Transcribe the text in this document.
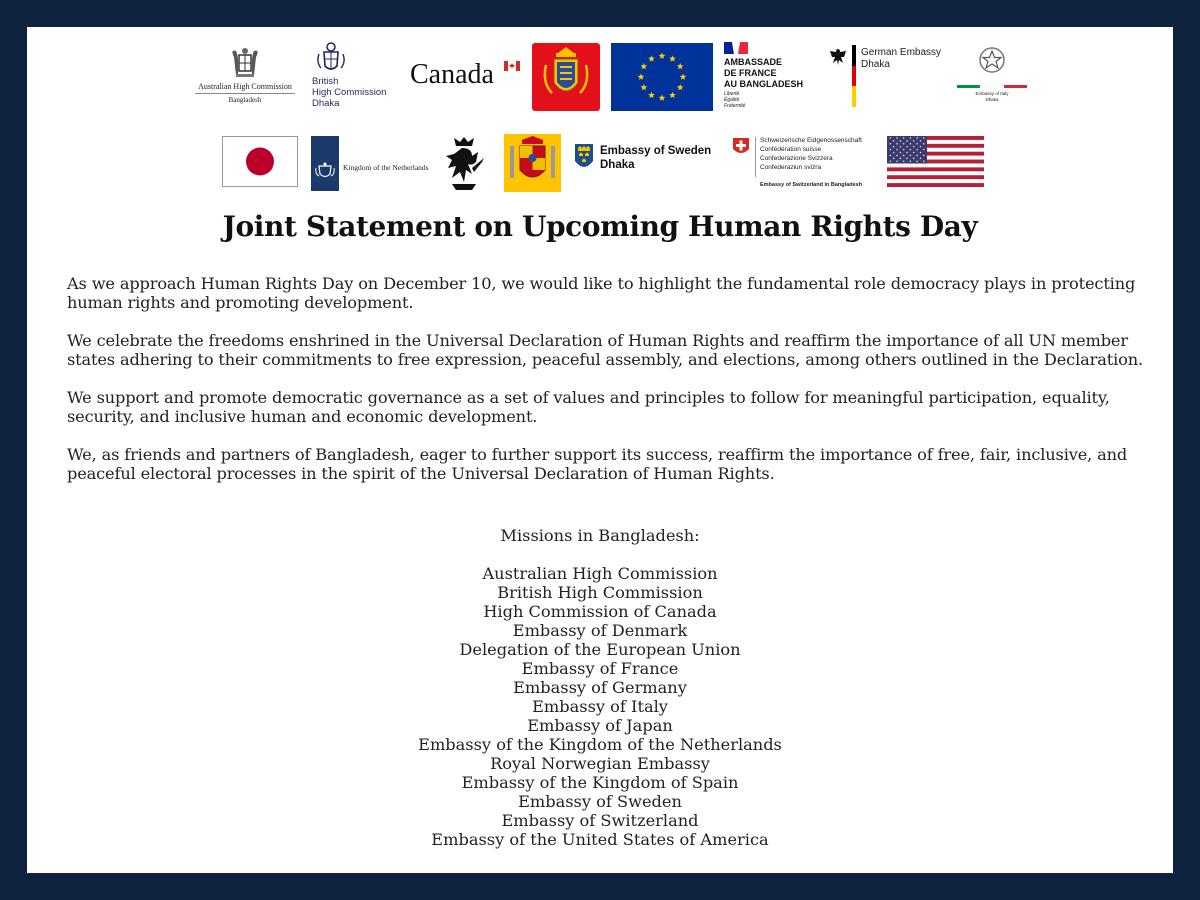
Australian High Commission
Bangladesh
British
High Commission
Dhaka
Canada	AMBASSADE
DE FRANCE
AU BANGLADESH
Liberté
Égalité
Fraternité
German Embassy
Dhaka
Embassy of Italy Dhaka
Kingdom of the Netherlands
Embassy of Sweden
Dhaka
Schweizerische Eidgenossenschaft
Confédération suisse
Confederazione Svizzera
Confederaziun svizra
Embassy of Switzerland in Bangladesh
Joint Statement on Upcoming Human Rights Day

As we approach Human Rights Day on December 10, we would like to highlight the fundamental role democracy plays in protecting human rights and promoting development.

We celebrate the freedoms enshrined in the Universal Declaration of Human Rights and reaffirm the importance of all UN member states adhering to their commitments to free expression, peaceful assembly, and elections, among others outlined in the Declaration.

We support and promote democratic governance as a set of values and principles to follow for meaningful participation, equality, security, and inclusive human and economic development.

We, as friends and partners of Bangladesh, eager to further support its success, reaffirm the importance of free, fair, inclusive, and peaceful electoral processes in the spirit of the Universal Declaration of Human Rights.

Missions in Bangladesh:
Australian High Commission
British High Commission
High Commission of Canada
Embassy of Denmark
Delegation of the European Union
Embassy of France
Embassy of Germany
Embassy of Italy
Embassy of Japan
Embassy of the Kingdom of the Netherlands
Royal Norwegian Embassy
Embassy of the Kingdom of Spain
Embassy of Sweden
Embassy of Switzerland
Embassy of the United States of America
